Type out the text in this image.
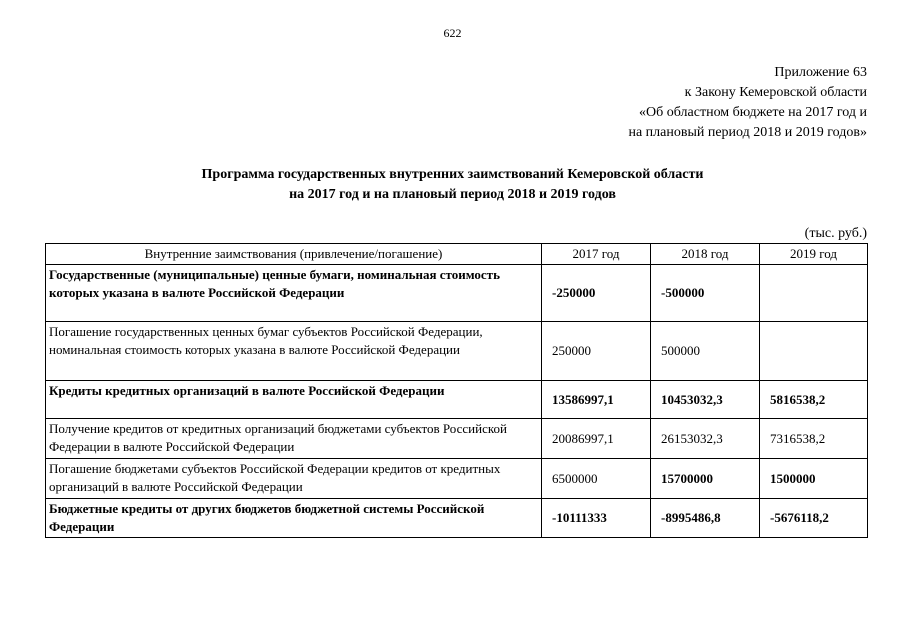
622
Приложение 63
к Закону Кемеровской области
«Об областном бюджете на 2017 год и
на плановый период 2018 и 2019 годов»
Программа государственных внутренних заимствований Кемеровской области
на 2017 год и на плановый период 2018 и 2019 годов
(тыс. руб.)
Внутренние заимствования (привлечение/погашение)	2017 год	2018 год	2019 год
Государственные (муниципальные) ценные бумаги, номинальная стоимость которых указана в валюте Российской Федерации	-250000	-500000	
Погашение государственных ценных бумаг субъектов Российской Федерации, номинальная стоимость которых указана в валюте Российской Федерации	250000	500000	
Кредиты кредитных организаций в валюте Российской Федерации	13586997,1	10453032,3	5816538,2
Получение кредитов от кредитных организаций бюджетами субъектов Российской Федерации в валюте Российской Федерации	20086997,1	26153032,3	7316538,2
Погашение бюджетами субъектов Российской Федерации кредитов от кредитных организаций в валюте Российской Федерации	6500000	15700000	1500000
Бюджетные кредиты от других бюджетов бюджетной системы Российской Федерации	-10111333	-8995486,8	-5676118,2
